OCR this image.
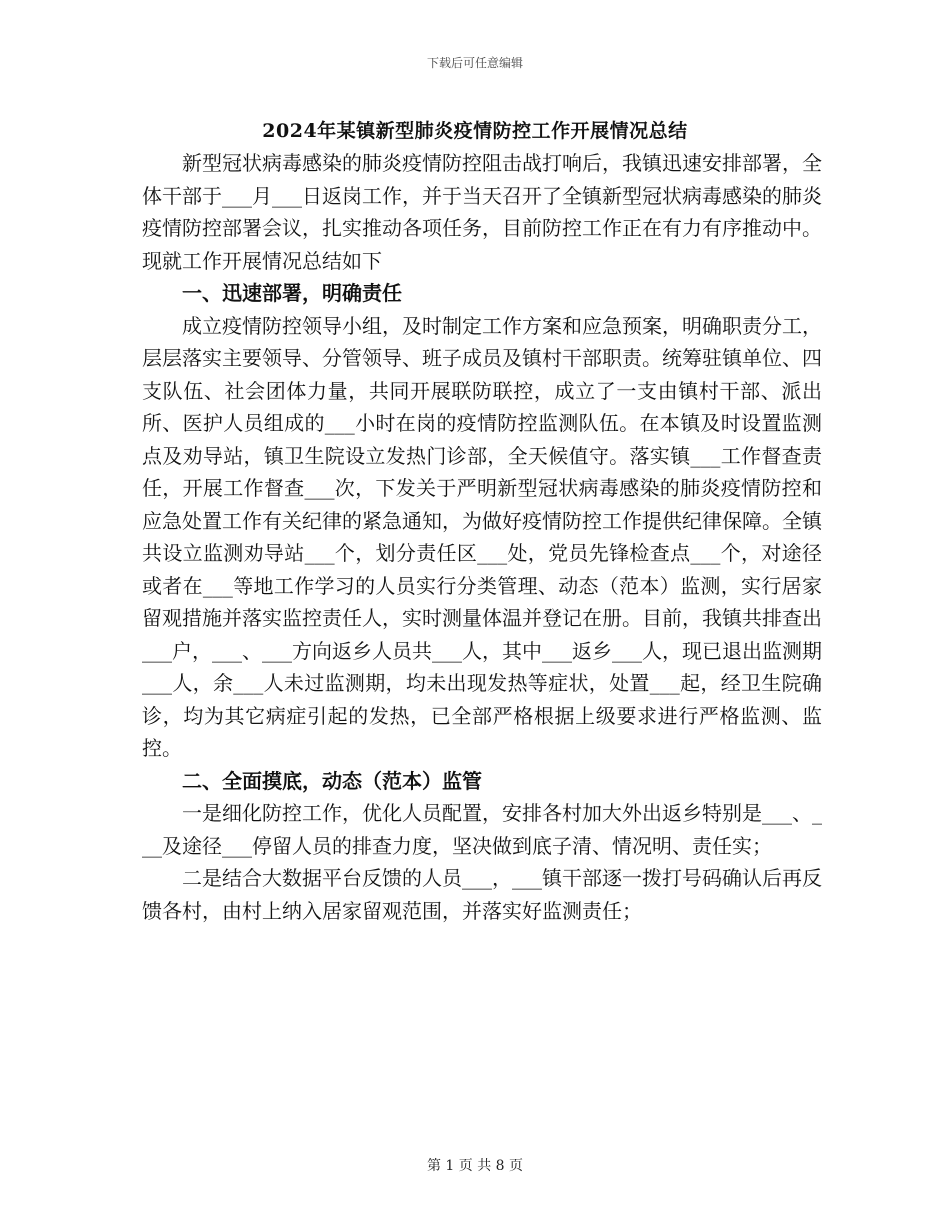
下载后可任意编辑
2024年某镇新型肺炎疫情防控工作开展情况总结

新型冠状病毒感染的肺炎疫情防控阻击战打响后，我镇迅速安排部署，全体干部于___月___日返岗工作，并于当天召开了全镇新型冠状病毒感染的肺炎疫情防控部署会议，扎实推动各项任务，目前防控工作正在有力有序推动中。现就工作开展情况总结如下

一、迅速部署，明确责任

成立疫情防控领导小组，及时制定工作方案和应急预案，明确职责分工，层层落实主要领导、分管领导、班子成员及镇村干部职责。统筹驻镇单位、四支队伍、社会团体力量，共同开展联防联控，成立了一支由镇村干部、派出所、医护人员组成的___小时在岗的疫情防控监测队伍。在本镇及时设置监测点及劝导站，镇卫生院设立发热门诊部，全天候值守。落实镇___工作督查责任，开展工作督查___次，下发关于严明新型冠状病毒感染的肺炎疫情防控和应急处置工作有关纪律的紧急通知，为做好疫情防控工作提供纪律保障。全镇共设立监测劝导站___个，划分责任区___处，党员先锋检查点___个，对途径或者在___等地工作学习的人员实行分类管理、动态（范本）监测，实行居家留观措施并落实监控责任人，实时测量体温并登记在册。目前，我镇共排查出___户，___、___方向返乡人员共___人，其中___返乡___人，现已退出监测期___人，余___人未过监测期，均未出现发热等症状，处置___起，经卫生院确诊，均为其它病症引起的发热，已全部严格根据上级要求进行严格监测、监控。

二、全面摸底，动态（范本）监管

一是细化防控工作，优化人员配置，安排各村加大外出返乡特别是___、___及途径___停留人员的排查力度，坚决做到底子清、情况明、责任实；

二是结合大数据平台反馈的人员___，___镇干部逐一拨打号码确认后再反馈各村，由村上纳入居家留观范围，并落实好监测责任；

第 1 页 共 8 页
